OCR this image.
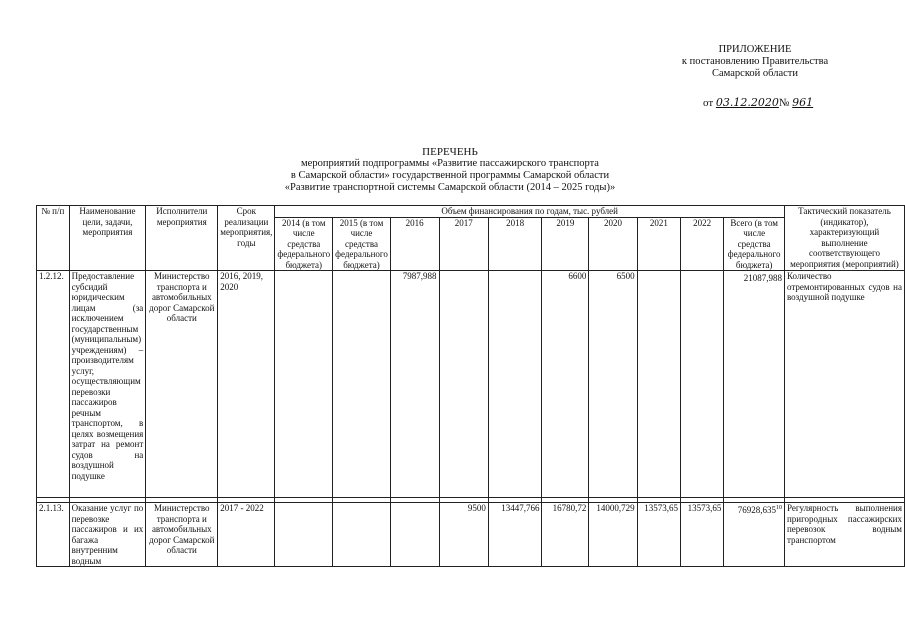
ПРИЛОЖЕНИЕ
к постановлению Правительства
Самарской области
от 03.12.2020№ 961
ПЕРЕЧЕНЬ
мероприятий подпрограммы «Развитие пассажирского транспорта
в Самарской области» государственной программы Самарской области
«Развитие транспортной системы Самарской области (2014 – 2025 годы)»
№ п/п	Наименование цели, задачи, мероприятия	Исполнители мероприятия	Срок реализации мероприятия, годы	Объем финансирования по годам, тыс. рублей										Тактический показатель (индикатор), характеризующий выполнение соответствующего мероприятия (мероприятий)
				2014 (в том числе средства федерального бюджета)	2015 (в том числе средства федерального бюджета)	2016	2017	2018	2019	2020	2021	2022	Всего (в том числе средства федерального бюджета)	
1.2.12.	Предоставление субсидий юридическим лицам (за исключением государственным (муниципальным) учреждениям) – производителям услуг, осуществляющим перевозки пассажиров речным транспортом, в целях возмещения затрат на ремонт судов на воздушной подушке	Министерство транспорта и автомобильных дорог Самарской области	2016, 2019, 2020			7987,988			6600	6500			21087,988	Количество отремонтированных судов на воздушной подушке

2.1.13.	Оказание услуг по перевозке пассажиров и их багажа внутренним водным	Министерство транспорта и автомобильных дорог Самарской области	2017 - 2022				9500	13447,766	16780,72	14000,729	13573,65	13573,65	76928,635$^{10}$	Регулярность выполнения пригородных пассажирских перевозок водным транспортом
